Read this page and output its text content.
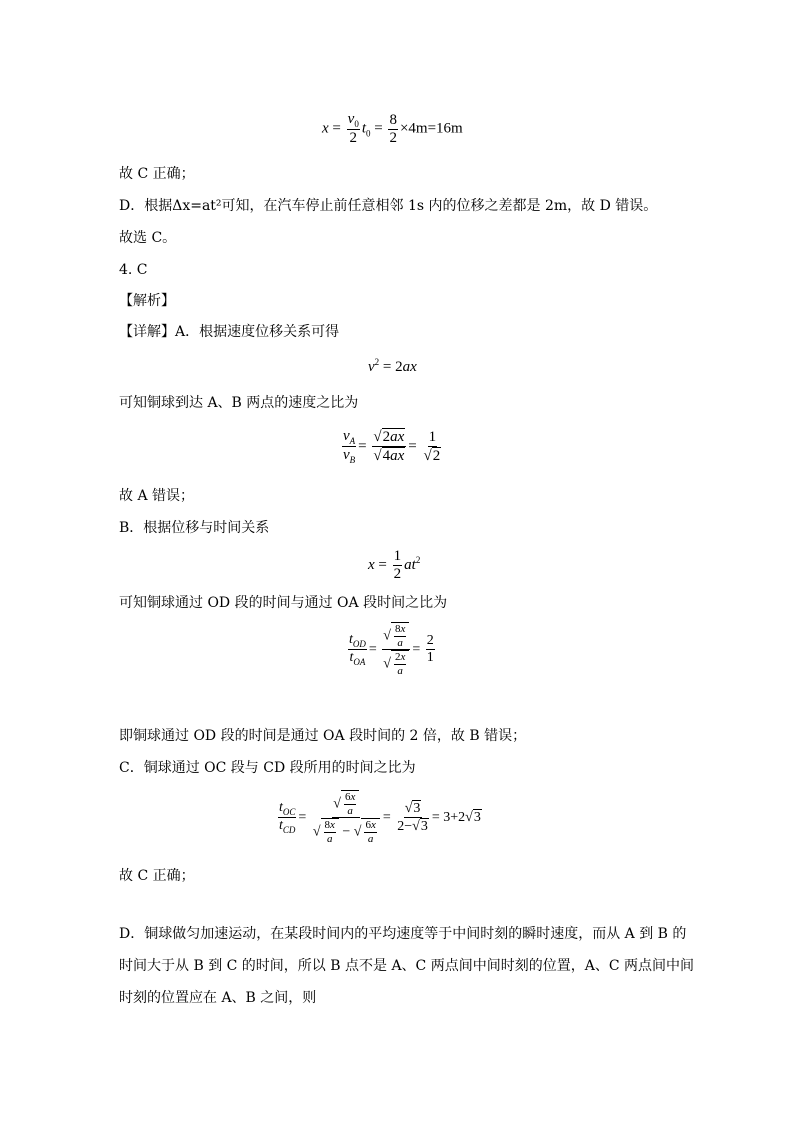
$x = \frac{v_0}{2} t_0 = \frac{8}{2} \times 4m=16m$
故 C 正确；
D．根据Δx=at²可知，在汽车停止前任意相邻 1s 内的位移之差都是 2m，故 D 错误。
故选 C。
4. C
【解析】
【详解】A．根据速度位移关系可得
$v^2 = 2ax$
可知铜球到达 A、B 两点的速度之比为
$\frac{v_A}{v_B} = \frac{√2ax}{√4ax} = \frac{1}{√2}$
故 A 错误；
B．根据位移与时间关系
$x = \frac{1}{2} at^2$
可知铜球通过 OD 段的时间与通过 OA 段时间之比为
$\frac{t_{OD}}{t_{OA}} = \frac{√ \frac{8x}{a}}{√ \frac{2x}{a}} = \frac{2}{1}$
即铜球通过 OD 段的时间是通过 OA 段时间的 2 倍，故 B 错误；
C．铜球通过 OC 段与 CD 段所用的时间之比为
$\frac{t_{OC}}{t_{CD}} = \frac{√ \frac{6x}{a}}{√ \frac{8x}{a} - √ \frac{6x}{a}} = \frac{√3}{2-√3} = 3+2√3$
故 C 正确；
D．铜球做匀加速运动，在某段时间内的平均速度等于中间时刻的瞬时速度，而从 A 到 B 的
时间大于从 B 到 C 的时间，所以 B 点不是 A、C 两点间中间时刻的位置，A、C 两点间中间
时刻的位置应在 A、B 之间，则
